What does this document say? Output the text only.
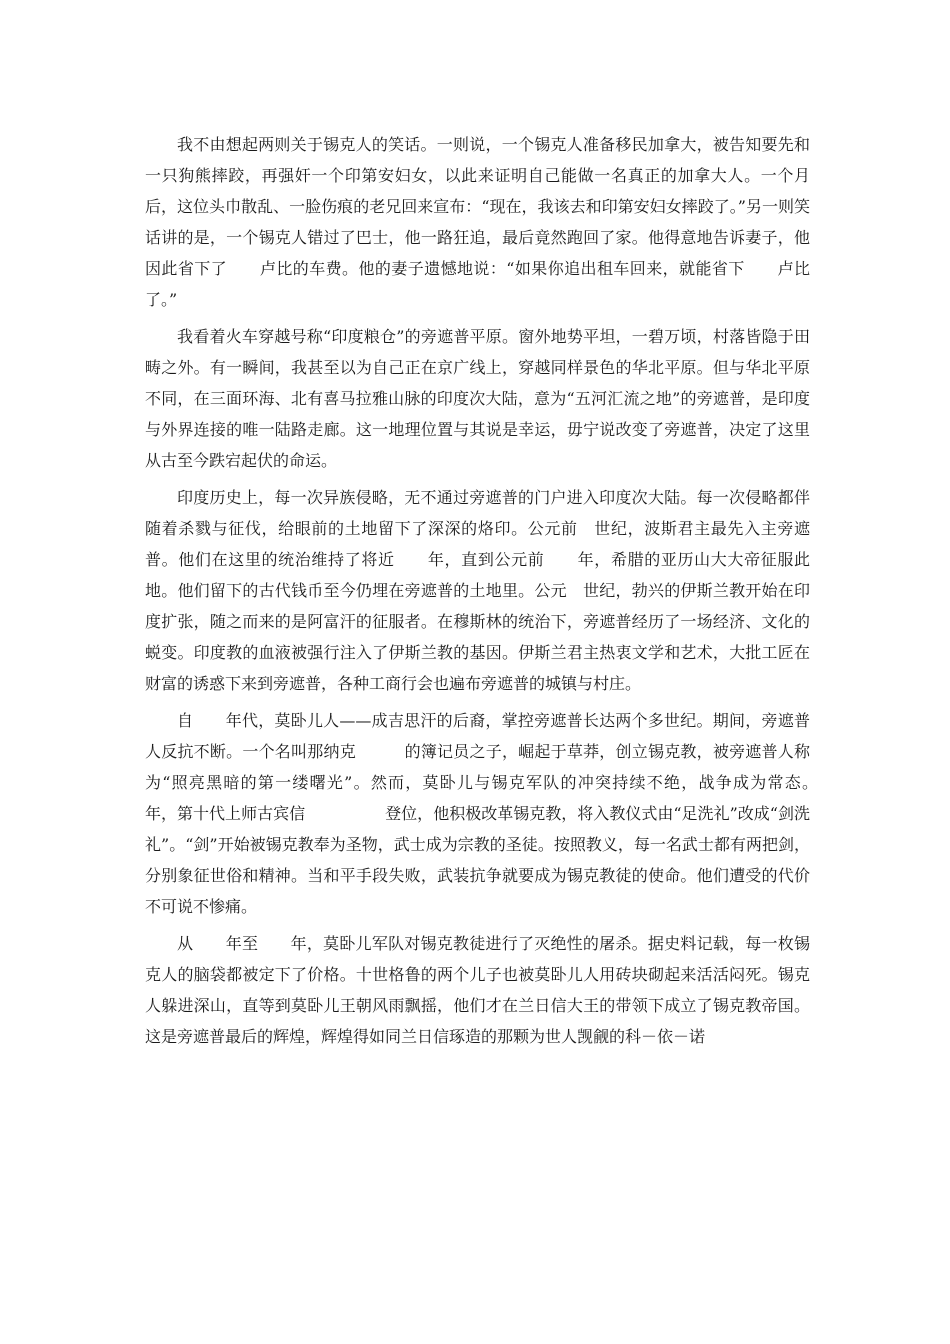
我不由想起两则关于锡克人的笑话。一则说，一个锡克人准备移民加拿大，被告知要先和一只狗熊摔跤，再强奸一个印第安妇女，以此来证明自己能做一名真正的加拿大人。一个月后，这位头巾散乱、一脸伤痕的老兄回来宣布：“现在，我该去和印第安妇女摔跤了。”另一则笑话讲的是，一个锡克人错过了巴士，他一路狂追，最后竟然跑回了家。他得意地告诉妻子，他因此省下了　　卢比的车费。他的妻子遗憾地说：“如果你追出租车回来，就能省下　　卢比了。”

我看着火车穿越号称“印度粮仓”的旁遮普平原。窗外地势平坦，一碧万顷，村落皆隐于田畴之外。有一瞬间，我甚至以为自己正在京广线上，穿越同样景色的华北平原。但与华北平原不同，在三面环海、北有喜马拉雅山脉的印度次大陆，意为“五河汇流之地”的旁遮普，是印度与外界连接的唯一陆路走廊。这一地理位置与其说是幸运，毋宁说改变了旁遮普，决定了这里从古至今跌宕起伏的命运。

印度历史上，每一次异族侵略，无不通过旁遮普的门户进入印度次大陆。每一次侵略都伴随着杀戮与征伐，给眼前的土地留下了深深的烙印。公元前　世纪，波斯君主最先入主旁遮普。他们在这里的统治维持了将近　　年，直到公元前　　年，希腊的亚历山大大帝征服此地。他们留下的古代钱币至今仍埋在旁遮普的土地里。公元　世纪，勃兴的伊斯兰教开始在印度扩张，随之而来的是阿富汗的征服者。在穆斯林的统治下，旁遮普经历了一场经济、文化的蜕变。印度教的血液被强行注入了伊斯兰教的基因。伊斯兰君主热衷文学和艺术，大批工匠在财富的诱惑下来到旁遮普，各种工商行会也遍布旁遮普的城镇与村庄。

自　　年代，莫卧儿人——成吉思汗的后裔，掌控旁遮普长达两个多世纪。期间，旁遮普人反抗不断。一个名叫那纳克　　　的簿记员之子，崛起于草莽，创立锡克教，被旁遮普人称为“照亮黑暗的第一缕曙光”。然而，莫卧儿与锡克军队的冲突持续不绝，战争成为常态。　　年，第十代上师古宾信　　　　　登位，他积极改革锡克教，将入教仪式由“足洗礼”改成“剑洗礼”。“剑”开始被锡克教奉为圣物，武士成为宗教的圣徒。按照教义，每一名武士都有两把剑，分别象征世俗和精神。当和平手段失败，武装抗争就要成为锡克教徒的使命。他们遭受的代价不可说不惨痛。

从　　年至　　年，莫卧儿军队对锡克教徒进行了灭绝性的屠杀。据史料记载，每一枚锡克人的脑袋都被定下了价格。十世格鲁的两个儿子也被莫卧儿人用砖块砌起来活活闷死。锡克人躲进深山，直等到莫卧儿王朝风雨飘摇，他们才在兰日信大王的带领下成立了锡克教帝国。这是旁遮普最后的辉煌，辉煌得如同兰日信琢造的那颗为世人觊觎的科－依－诺
